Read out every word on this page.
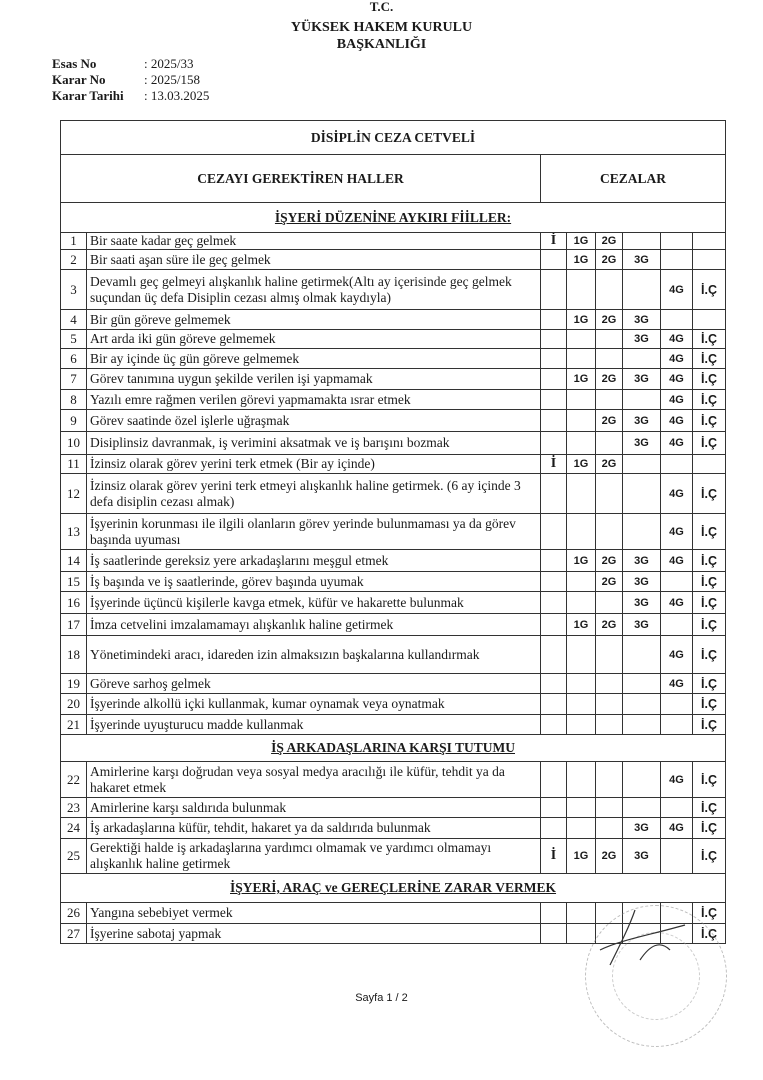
T.C.
YÜKSEK HAKEM KURULU
BAŞKANLIĞI
Esas No	: 2025/33
Karar No	: 2025/158
Karar Tarihi	: 13.03.2025
DİSİPLİN CEZA CETVELİ							
CEZAYI GEREKTİREN HALLER		CEZALAR					
İŞYERİ DÜZENİNE AYKIRI FİİLLER:							
1	Bir saate kadar geç gelmek	İ	1G	2G			
2	Bir saati aşan süre ile geç gelmek		1G	2G	3G		
3	Devamlı geç gelmeyi alışkanlık haline getirmek(Altı ay içerisinde geç gelmek suçundan üç defa Disiplin cezası almış olmak kaydıyla)					4G	İ.Ç
4	Bir gün göreve gelmemek		1G	2G	3G		
5	Art arda iki gün göreve gelmemek				3G	4G	İ.Ç
6	Bir ay içinde üç gün göreve gelmemek					4G	İ.Ç
7	Görev tanımına uygun şekilde verilen işi yapmamak		1G	2G	3G	4G	İ.Ç
8	Yazılı emre rağmen verilen görevi yapmamakta ısrar etmek					4G	İ.Ç
9	Görev saatinde özel işlerle uğraşmak			2G	3G	4G	İ.Ç
10	Disiplinsiz davranmak, iş verimini aksatmak ve iş barışını bozmak				3G	4G	İ.Ç
11	İzinsiz olarak görev yerini terk etmek (Bir ay içinde)	İ	1G	2G			
12	İzinsiz olarak görev yerini terk etmeyi alışkanlık haline getirmek. (6 ay içinde 3 defa disiplin cezası almak)					4G	İ.Ç
13	İşyerinin korunması ile ilgili olanların görev yerinde bulunmaması ya da görev başında uyuması					4G	İ.Ç
14	İş saatlerinde gereksiz yere arkadaşlarını meşgul etmek		1G	2G	3G	4G	İ.Ç
15	İş başında ve iş saatlerinde, görev başında uyumak			2G	3G		İ.Ç
16	İşyerinde üçüncü kişilerle kavga etmek, küfür ve hakarette bulunmak				3G	4G	İ.Ç
17	İmza cetvelini imzalamamayı alışkanlık haline getirmek		1G	2G	3G		İ.Ç
18	Yönetimindeki aracı, idareden izin almaksızın başkalarına kullandırmak					4G	İ.Ç
19	Göreve sarhoş gelmek					4G	İ.Ç
20	İşyerinde alkollü içki kullanmak, kumar oynamak veya oynatmak						İ.Ç
21	İşyerinde uyuşturucu madde kullanmak						İ.Ç
İŞ ARKADAŞLARINA KARŞI TUTUMU							
22	Amirlerine karşı doğrudan veya sosyal medya aracılığı ile küfür, tehdit ya da hakaret etmek					4G	İ.Ç
23	Amirlerine karşı saldırıda bulunmak						İ.Ç
24	İş arkadaşlarına küfür, tehdit, hakaret ya da saldırıda bulunmak				3G	4G	İ.Ç
25	Gerektiği halde iş arkadaşlarına yardımcı olmamak ve yardımcı olmamayı alışkanlık haline getirmek	İ	1G	2G	3G		İ.Ç
İŞYERİ, ARAÇ ve GEREÇLERİNE ZARAR VERMEK							
26	Yangına sebebiyet vermek						İ.Ç
27	İşyerine sabotaj yapmak						İ.Ç
Sayfa 1 / 2
